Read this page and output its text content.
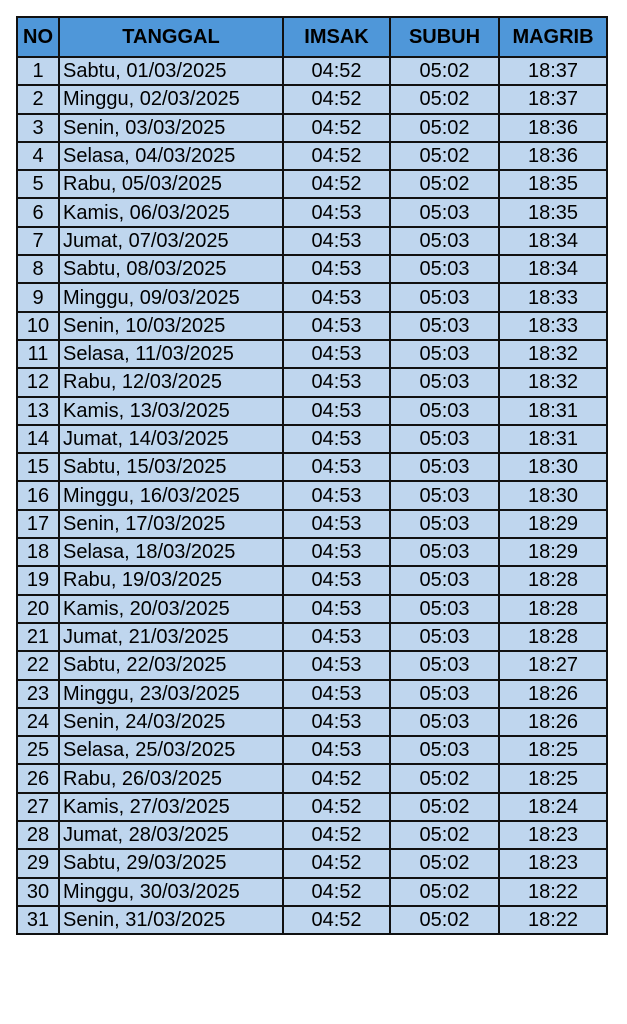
NO	TANGGAL	IMSAK	SUBUH	MAGRIB
1	Sabtu, 01/03/2025	04:52	05:02	18:37
2	Minggu, 02/03/2025	04:52	05:02	18:37
3	Senin, 03/03/2025	04:52	05:02	18:36
4	Selasa, 04/03/2025	04:52	05:02	18:36
5	Rabu, 05/03/2025	04:52	05:02	18:35
6	Kamis, 06/03/2025	04:53	05:03	18:35
7	Jumat, 07/03/2025	04:53	05:03	18:34
8	Sabtu, 08/03/2025	04:53	05:03	18:34
9	Minggu, 09/03/2025	04:53	05:03	18:33
10	Senin, 10/03/2025	04:53	05:03	18:33
11	Selasa, 11/03/2025	04:53	05:03	18:32
12	Rabu, 12/03/2025	04:53	05:03	18:32
13	Kamis, 13/03/2025	04:53	05:03	18:31
14	Jumat, 14/03/2025	04:53	05:03	18:31
15	Sabtu, 15/03/2025	04:53	05:03	18:30
16	Minggu, 16/03/2025	04:53	05:03	18:30
17	Senin, 17/03/2025	04:53	05:03	18:29
18	Selasa, 18/03/2025	04:53	05:03	18:29
19	Rabu, 19/03/2025	04:53	05:03	18:28
20	Kamis, 20/03/2025	04:53	05:03	18:28
21	Jumat, 21/03/2025	04:53	05:03	18:28
22	Sabtu, 22/03/2025	04:53	05:03	18:27
23	Minggu, 23/03/2025	04:53	05:03	18:26
24	Senin, 24/03/2025	04:53	05:03	18:26
25	Selasa, 25/03/2025	04:53	05:03	18:25
26	Rabu, 26/03/2025	04:52	05:02	18:25
27	Kamis, 27/03/2025	04:52	05:02	18:24
28	Jumat, 28/03/2025	04:52	05:02	18:23
29	Sabtu, 29/03/2025	04:52	05:02	18:23
30	Minggu, 30/03/2025	04:52	05:02	18:22
31	Senin, 31/03/2025	04:52	05:02	18:22
